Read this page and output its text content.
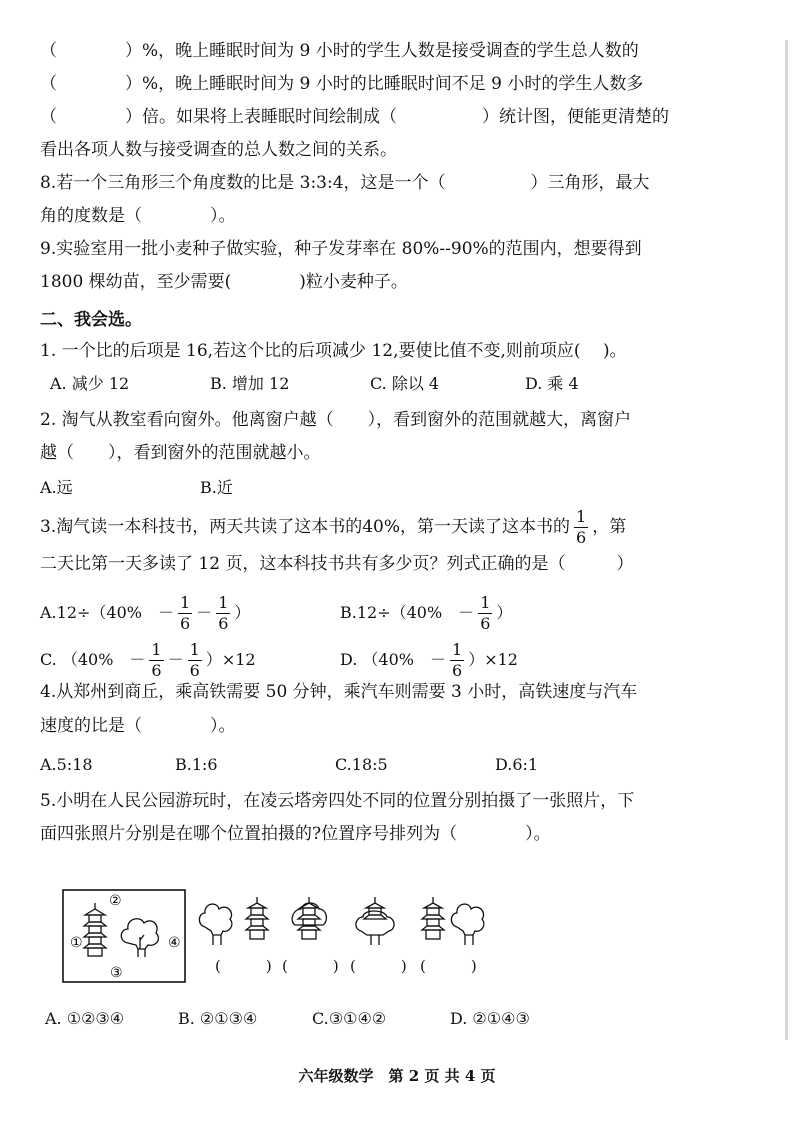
（　　　　）%，晚上睡眠时间为 9 小时的学生人数是接受调查的学生总人数的
（　　　　）%，晚上睡眠时间为 9 小时的比睡眠时间不足 9 小时的学生人数多
（　　　　）倍。如果将上表睡眠时间绘制成（　　　　　）统计图，便能更清楚的
看出各项人数与接受调查的总人数之间的关系。
8.若一个三角形三个角度数的比是 3:3:4，这是一个（　　　　　）三角形，最大
角的度数是（　　　　）。
9.实验室用一批小麦种子做实验，种子发芽率在 80%--90%的范围内，想要得到
1800 棵幼苗，至少需要(　　　　)粒小麦种子。
二、我会选。
1. 一个比的后项是 16,若这个比的后项减少 12,要使比值不变,则前项应(　 )。
A. 减少 12	B. 增加 12	C. 除以 4	D. 乘 4
2. 淘气从教室看向窗外。他离窗户越（　　），看到窗外的范围就越大，离窗户
越（　　），看到窗外的范围就越小。
A.远	B.近
3.淘气读一本科技书，两天共读了这本书的40%，第一天读了这本书的 $\frac{1}{6}$ ，第
二天比第一天多读了 12 页，这本科技书共有多少页？列式正确的是（　　　）
A.12÷（40%　－ $\frac{1}{6} - \frac{1}{6}$ ）	B.12÷（40%　－ $\frac{1}{6}$ ）
C. （40%　－ $\frac{1}{6} - \frac{1}{6} )\times 12$	D. （40%　－ $\frac{1}{6} )\times 12$
4.从郑州到商丘，乘高铁需要 50 分钟，乘汽车则需要 3 小时，高铁速度与汽车
速度的比是（　　　　）。
A.5:18	B.1:6	C.18:5	D.6:1
5.小明在人民公园游玩时，在凌云塔旁四处不同的位置分别拍摄了一张照片，下
面四张照片分别是在哪个位置拍摄的?位置序号排列为（　　　　）。
①
②
③
④
(　　　) (　　　) (　　　) (　　　)
A. ①②③④	B. ②①③④	C.③①④②	D. ②①④③
六年级数学　第 2 页 共 4 页
